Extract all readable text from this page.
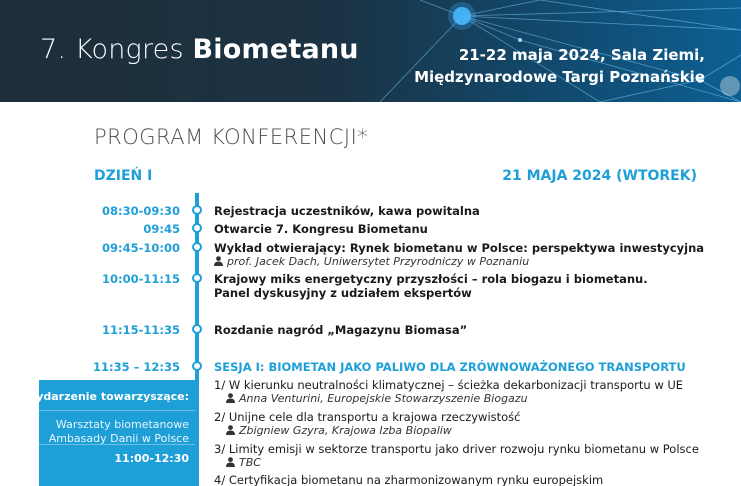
7. Kongres Biometanu	21-22 maja 2024, Sala Ziemi,
Międzynarodowe Targi Poznańskie
PROGRAM KONFERENCJI*
DZIEŃ I	21 MAJA 2024 (WTOREK)
08:30-09:30	Rejestracja uczestników, kawa powitalna
09:45	Otwarcie 7. Kongresu Biometanu
09:45-10:00	Wykład otwierający: Rynek biometanu w Polsce: perspektywa inwestycyjna
prof. Jacek Dach, Uniwersytet Przyrodniczy w Poznaniu
10:00-11:15	Krajowy miks energetyczny przyszłości – rola biogazu i biometanu.
Panel dyskusyjny z udziałem ekspertów
11:15-11:35	Rozdanie nagród „Magazynu Biomasa”
11:35 – 12:35	SESJA I: BIOMETAN JAKO PALIWO DLA ZRÓWNOWAŻONEGO TRANSPORTU
1/ W kierunku neutralności klimatycznej – ścieżka dekarbonizacji transportu w UE
Anna Venturini, Europejskie Stowarzyszenie Biogazu
2/ Unijne cele dla transportu a krajowa rzeczywistość
Zbigniew Gzyra, Krajowa Izba Biopaliw
3/ Limity emisji w sektorze transportu jako driver rozwoju rynku biometanu w Polsce
TBC
4/ Certyfikacja biometanu na zharmonizowanym rynku europejskim
Wydarzenie towarzyszące:
Warsztaty biometanowe
Ambasady Danii w Polsce
11:00-12:30
